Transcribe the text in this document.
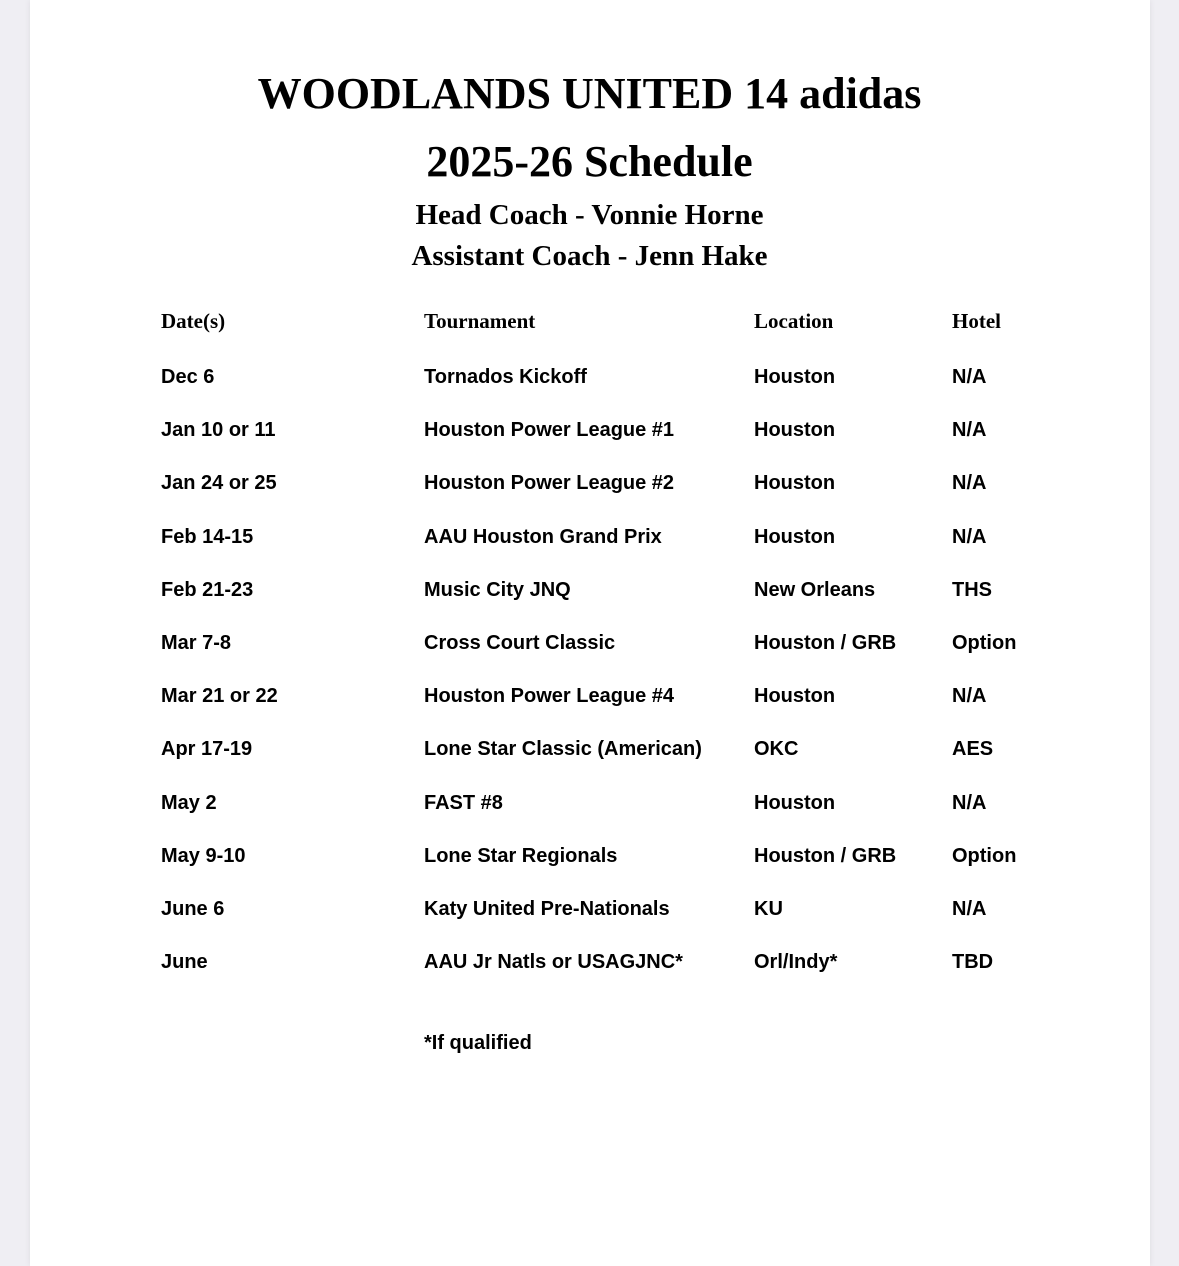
WOODLANDS UNITED 14 adidas
2025-26 Schedule
Head Coach - Vonnie Horne
Assistant Coach - Jenn Hake
Date(s)	Tournament	Location	Hotel
Dec 6	Tornados Kickoff	Houston	N/A
Jan 10 or 11	Houston Power League #1	Houston	N/A
Jan 24 or 25	Houston Power League #2	Houston	N/A
Feb 14-15	AAU Houston Grand Prix	Houston	N/A
Feb 21-23	Music City JNQ	New Orleans	THS
Mar 7-8	Cross Court Classic	Houston / GRB	Option
Mar 21 or 22	Houston Power League #4	Houston	N/A
Apr 17-19	Lone Star Classic (American)	OKC	AES
May 2	FAST #8	Houston	N/A
May 9-10	Lone Star Regionals	Houston / GRB	Option
June 6	Katy United Pre-Nationals	KU	N/A
June	AAU Jr Natls or USAGJNC*	Orl/Indy*	TBD
*If qualified
